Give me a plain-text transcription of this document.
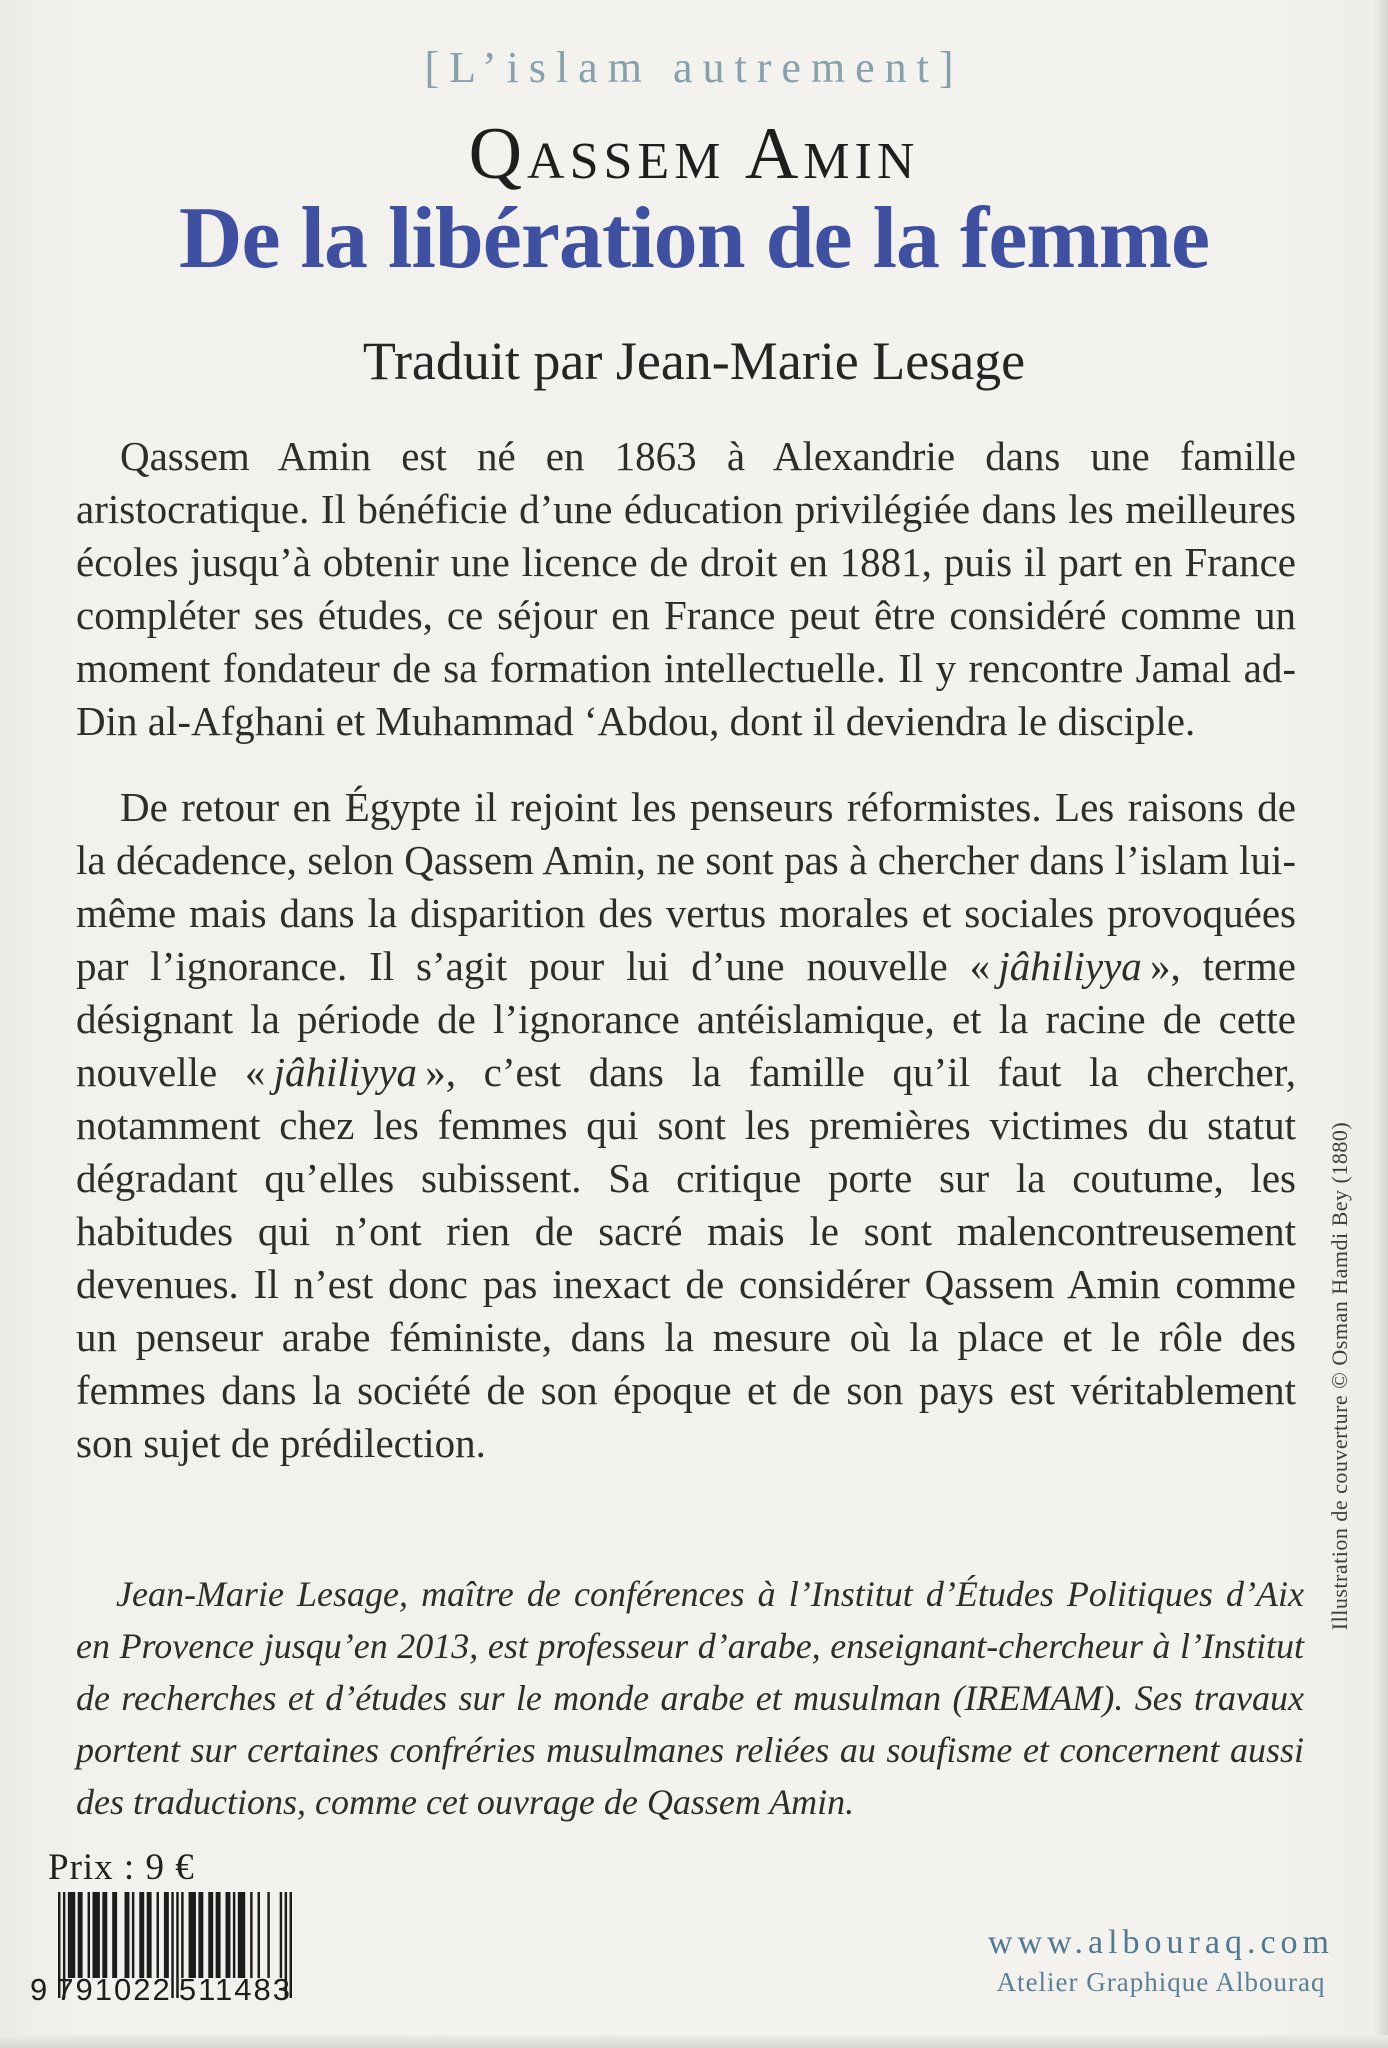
[L’islam autrement]
Qassem Amin
De la libération de la femme
Traduit par Jean-Marie Lesage

Qassem Amin est né en 1863 à Alexandrie dans une famille aristocratique. Il bénéficie d’une éducation privilégiée dans les meilleures écoles jusqu’à obtenir une licence de droit en 1881, puis il part en France compléter ses études, ce séjour en France peut être considéré comme un moment fondateur de sa formation intellectuelle. Il y rencontre Jamal ad-Din al-Afghani et Muhammad ‘Abdou, dont il deviendra le disciple.

De retour en Égypte il rejoint les penseurs réformistes. Les raisons de la décadence, selon Qassem Amin, ne sont pas à chercher dans l’islam lui-même mais dans la disparition des vertus morales et sociales provoquées par l’ignorance. Il s’agit pour lui d’une nouvelle « jâhiliyya », terme désignant la période de l’ignorance antéislamique, et la racine de cette nouvelle « jâhiliyya », c’est dans la famille qu’il faut la chercher, notamment chez les femmes qui sont les premières victimes du statut dégradant qu’elles subissent. Sa critique porte sur la coutume, les habitudes qui n’ont rien de sacré mais le sont malencontreusement devenues. Il n’est donc pas inexact de considérer Qassem Amin comme un penseur arabe féministe, dans la mesure où la place et le rôle des femmes dans la société de son époque et de son pays est véritablement son sujet de prédilection.

Jean-Marie Lesage, maître de conférences à l’Institut d’Études Politiques d’Aix en Provence jusqu’en 2013, est professeur d’arabe, enseignant-chercheur à l’Institut de recherches et d’études sur le monde arabe et musulman (IREMAM). Ses travaux portent sur certaines confréries musulmanes reliées au soufisme et concernent aussi des traductions, comme cet ouvrage de Qassem Amin.

Prix : 9 €
9 791022 511483
www.albouraq.com
Atelier Graphique Albouraq
Illustration de couverture © Osman Hamdi Bey (1880)
